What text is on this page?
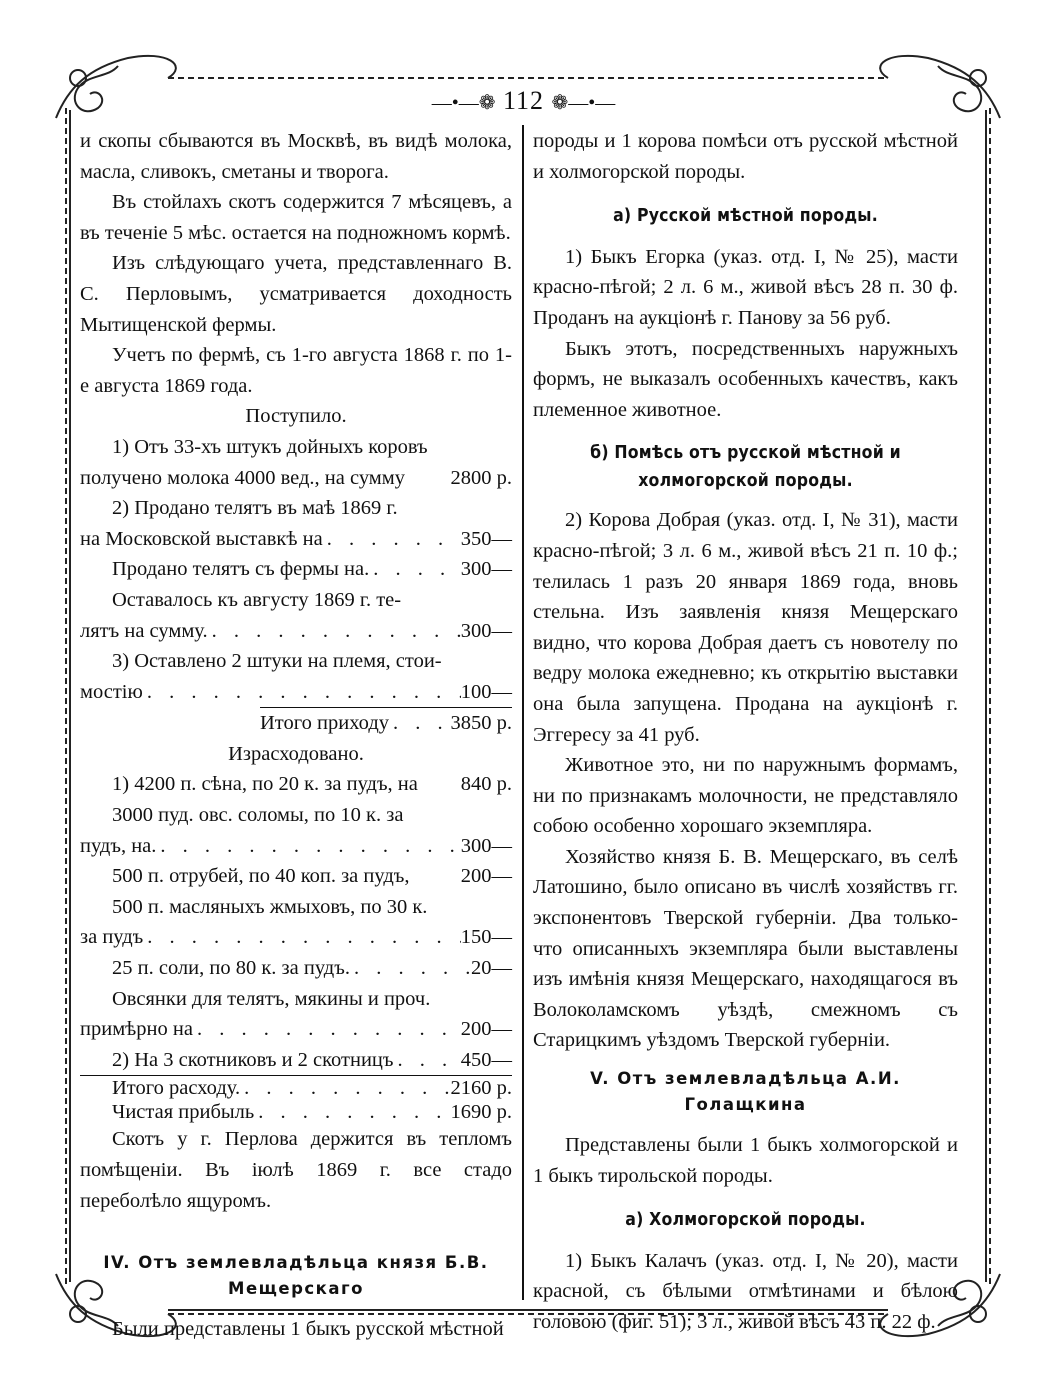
—•—❁ 112 ❁—•—

и скопы сбываются въ Москвѣ, въ видѣ молока, масла, сливокъ, сметаны и творога.

Въ стойлахъ скотъ содержится 7 мѣсяцевъ, а въ теченіе 5 мѣс. остается на подножномъ кормѣ.

Изъ слѣдующаго учета, представленнаго В. С. Перловымъ, усматривается доходность Мытищенской фермы.

Учетъ по фермѣ, съ 1-го августа 1868 г. по 1-е августа 1869 года.

Поступило.

1) Отъ 33-хъ штукъ дойныхъ коровъ

получено молока 4000 вед., на сумму 2800 р.

2) Продано телятъ въ маѣ 1869 г.

на Московской выставкѣ на . . .	350—
Продано телятъ съ фермы на. . . .	300—

Оставалось къ августу 1869 г. те-

лятъ на сумму. . . .	300—

3) Оставлено 2 штуки на племя, стои-

мостію . . .	100—
Итого приходу . . .	3850 р.

Израсходовано.

1) 4200 п. сѣна, по 20 к. за пудъ, на 840 р.

3000 пуд. овс. соломы, по 10 к. за

пудъ, на. . . .	300—
500 п. отрубей, по 40 коп. за пудъ,	200—

500 п. масляныхъ жмыховъ, по 30 к.

за пудъ . . .	150—
25 п. соли, по 80 к. за пудъ. . . .	20—

Овсянки для телятъ, мякины и проч.

примѣрно на . . .	200—
2) На 3 скотниковъ и 2 скотницъ . . .	450—
Итого расходу. . . .	2160 р.
Чистая прибыль . . .	1690 р.

Скотъ у г. Перлова держится въ тепломъ помѣщеніи. Въ іюлѣ 1869 г. все стадо переболѣло ящуромъ.

IV. Отъ землевладѣльца князя Б.В. Мещерскаго

Были представлены 1 быкъ русской мѣстной

породы и 1 корова помѣси отъ русской мѣстной и холмогорской породы.

а) Русской мѣстной породы.

1) Быкъ Егорка (указ. отд. I, № 25), масти красно-пѣгой; 2 л. 6 м., живой вѣсъ 28 п. 30 ф. Проданъ на аукціонѣ г. Панову за 56 руб.

Быкъ этотъ, посредственныхъ наружныхъ формъ, не выказалъ особенныхъ качествъ, какъ племенное животное.

б) Помѣсь отъ русской мѣстной и холмогорской породы.

2) Корова Добрая (указ. отд. I, № 31), масти красно-пѣгой; 3 л. 6 м., живой вѣсъ 21 п. 10 ф.; телилась 1 разъ 20 января 1869 года, вновь стельна. Изъ заявленія князя Мещерскаго видно, что корова Добрая даетъ съ новотелу по ведру молока ежедневно; къ открытію выставки она была запущена. Продана на аукціонѣ г. Эггересу за 41 руб.

Животное это, ни по наружнымъ формамъ, ни по признакамъ молочности, не представляло собою особенно хорошаго экземпляра.

Хозяйство князя Б. В. Мещерскаго, въ селѣ Латошино, было описано въ числѣ хозяйствъ гг. экспонентовъ Тверской губерніи. Два только-что описанныхъ экземпляра были выставлены изъ имѣнія князя Мещерскаго, находящагося въ Волоколамскомъ уѣздѣ, смежномъ съ Старицкимъ уѣздомъ Тверской губерніи.

V. Отъ землевладѣльца А.И. Голащкина

Представлены были 1 быкъ холмогорской и 1 быкъ тирольской породы.

а) Холмогорской породы.

1) Быкъ Калачъ (указ. отд. I, № 20), масти красной, съ бѣлыми отмѣтинами и бѣлою головою (фиг. 51); 3 л., живой вѣсъ 43 п. 22 ф.
